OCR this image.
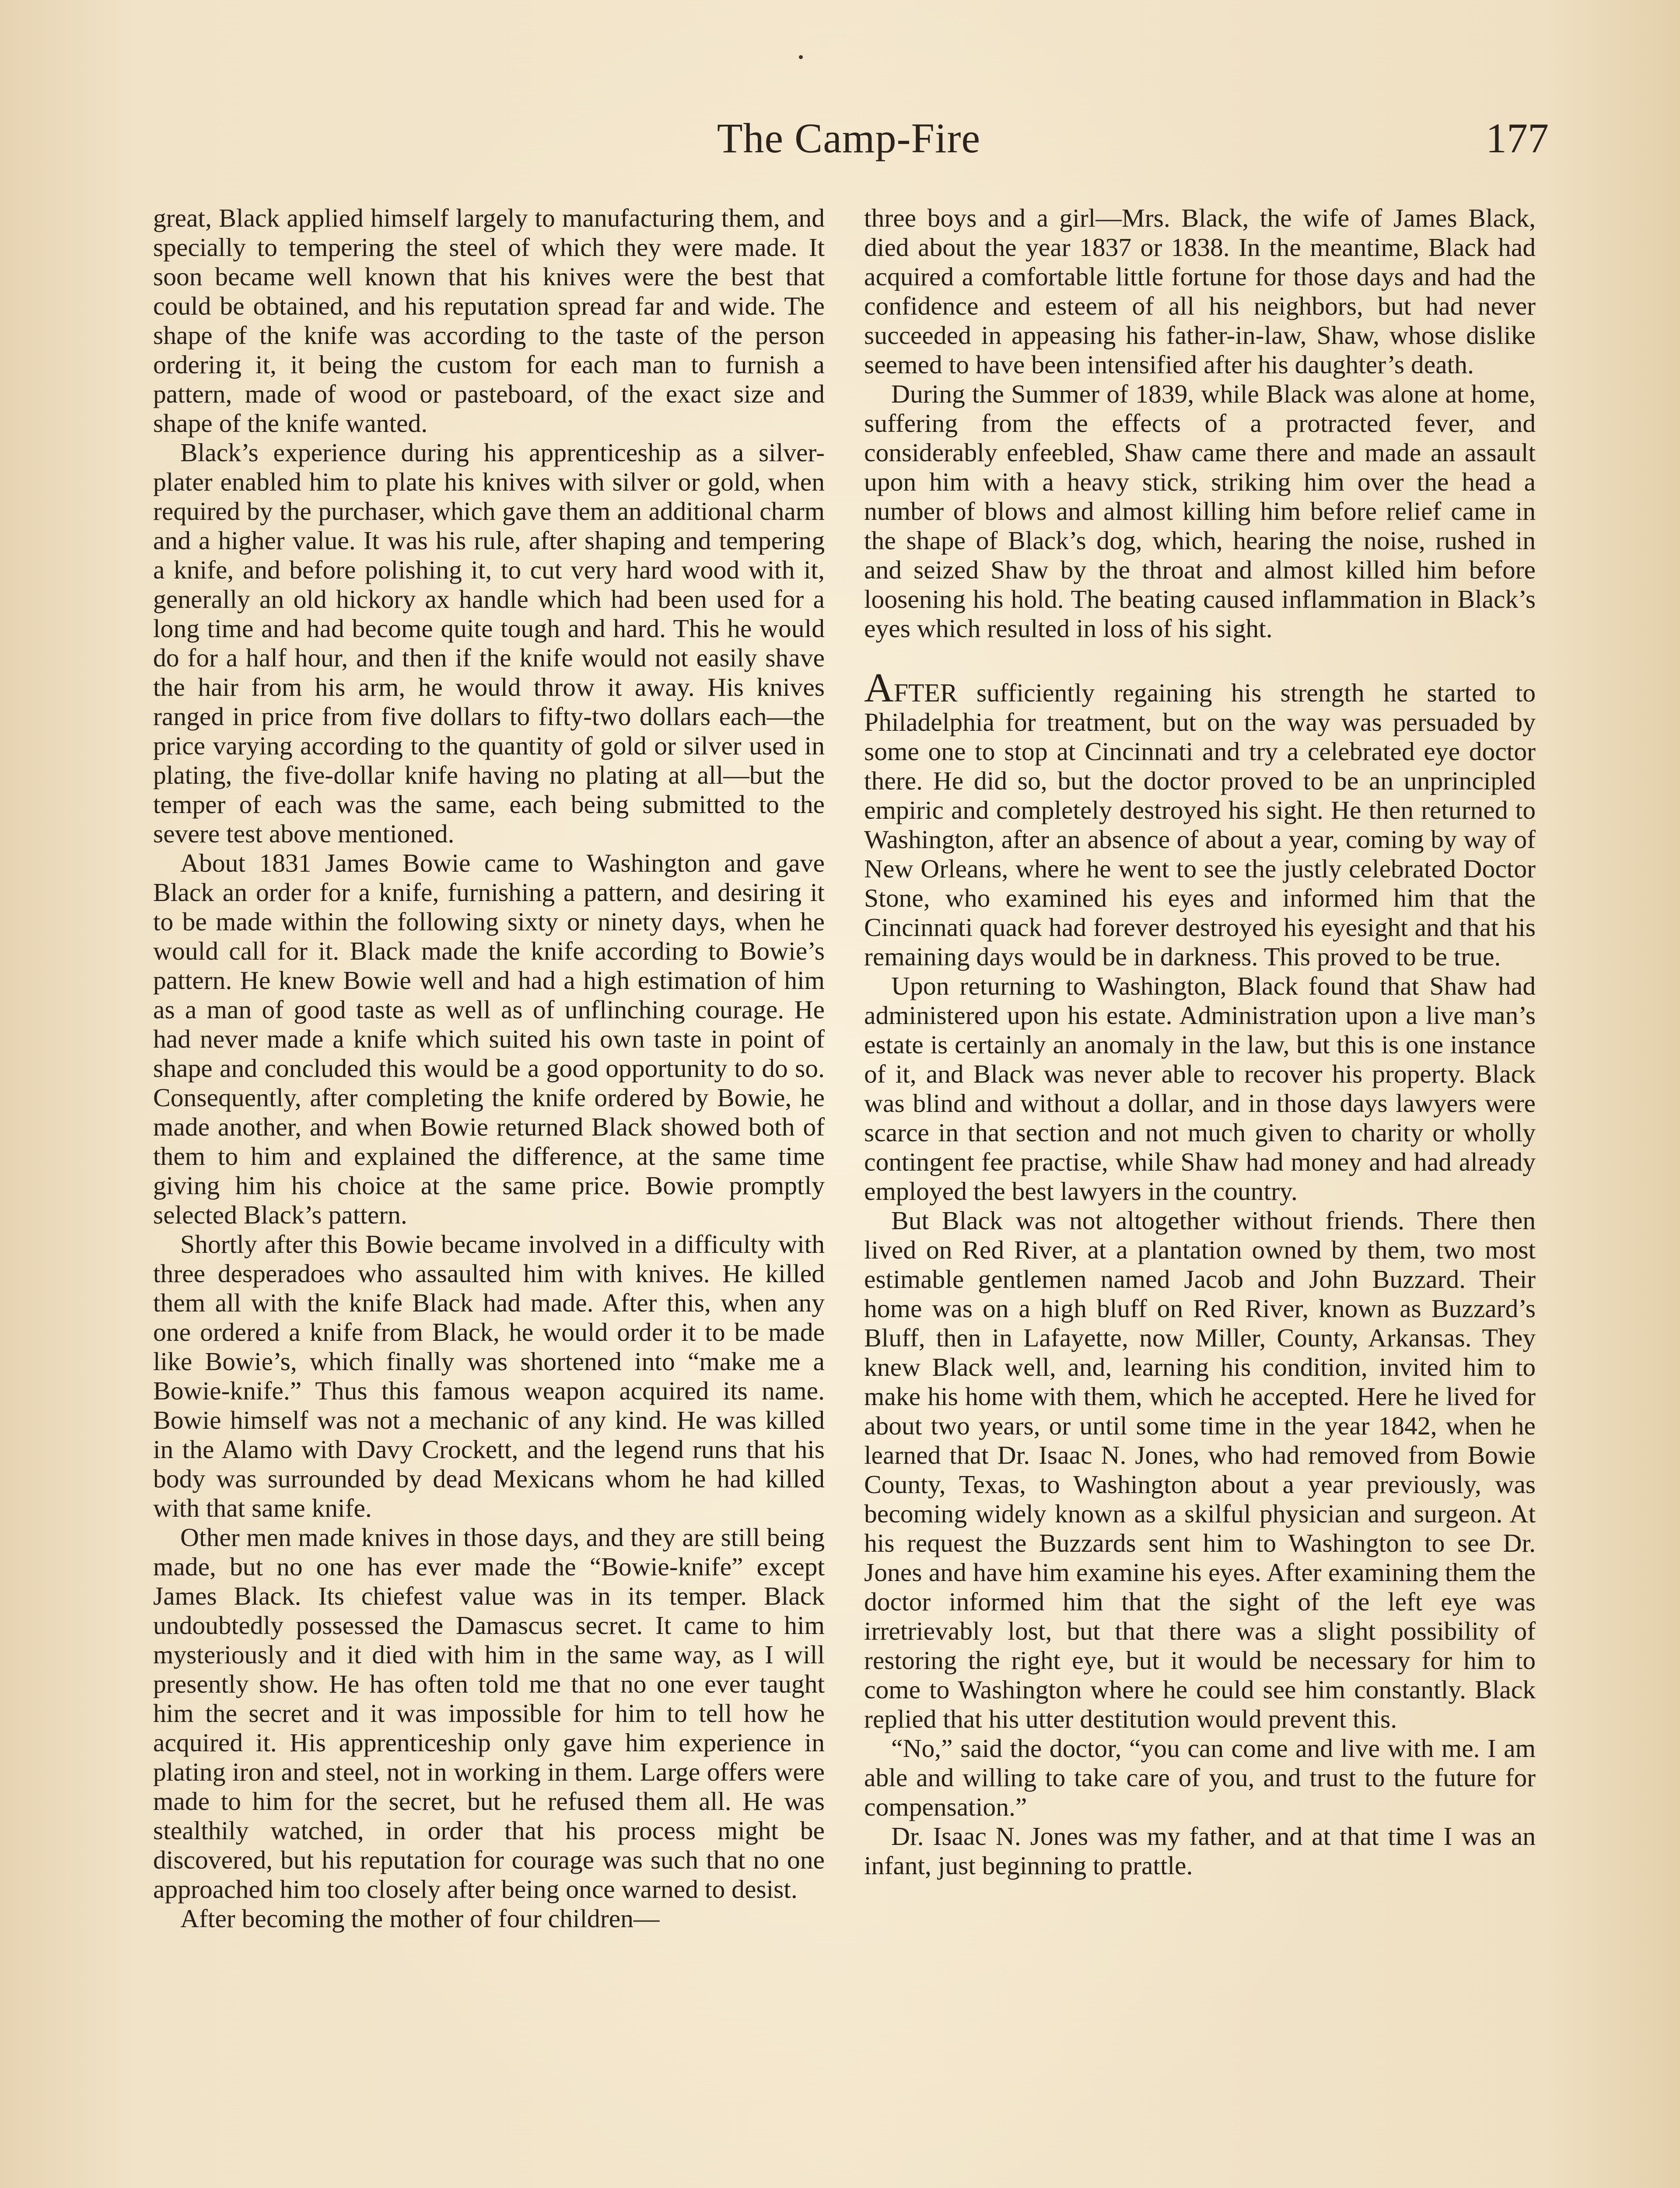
The Camp-Fire	177

great, Black applied himself largely to manufacturing them, and specially to tempering the steel of which they were made. It soon became well known that his knives were the best that could be obtained, and his reputation spread far and wide. The shape of the knife was according to the taste of the person ordering it, it being the custom for each man to furnish a pattern, made of wood or pasteboard, of the exact size and shape of the knife wanted.

Black’s experience during his apprenticeship as a silver-plater enabled him to plate his knives with silver or gold, when required by the purchaser, which gave them an additional charm and a higher value. It was his rule, after shaping and tempering a knife, and before polishing it, to cut very hard wood with it, generally an old hickory ax handle which had been used for a long time and had become quite tough and hard. This he would do for a half hour, and then if the knife would not easily shave the hair from his arm, he would throw it away. His knives ranged in price from five dollars to fifty-two dollars each—the price varying according to the quantity of gold or silver used in plating, the five-dollar knife having no plating at all—but the temper of each was the same, each being submitted to the severe test above mentioned.

About 1831 James Bowie came to Washington and gave Black an order for a knife, furnishing a pattern, and desiring it to be made within the following sixty or ninety days, when he would call for it. Black made the knife according to Bowie’s pattern. He knew Bowie well and had a high estimation of him as a man of good taste as well as of unflinching courage. He had never made a knife which suited his own taste in point of shape and concluded this would be a good opportunity to do so. Consequently, after completing the knife ordered by Bowie, he made another, and when Bowie returned Black showed both of them to him and explained the difference, at the same time giving him his choice at the same price. Bowie promptly selected Black’s pattern.

Shortly after this Bowie became involved in a difficulty with three desperadoes who assaulted him with knives. He killed them all with the knife Black had made. After this, when any one ordered a knife from Black, he would order it to be made like Bowie’s, which finally was shortened into “make me a Bowie-knife.” Thus this famous weapon acquired its name. Bowie himself was not a mechanic of any kind. He was killed in the Alamo with Davy Crockett, and the legend runs that his body was surrounded by dead Mexicans whom he had killed with that same knife.

Other men made knives in those days, and they are still being made, but no one has ever made the “Bowie-knife” except James Black. Its chiefest value was in its temper. Black undoubtedly possessed the Damascus secret. It came to him mysteriously and it died with him in the same way, as I will presently show. He has often told me that no one ever taught him the secret and it was impossible for him to tell how he acquired it. His apprenticeship only gave him experience in plating iron and steel, not in working in them. Large offers were made to him for the secret, but he refused them all. He was stealthily watched, in order that his process might be discovered, but his reputation for courage was such that no one approached him too closely after being once warned to desist.

After becoming the mother of four children—

three boys and a girl—Mrs. Black, the wife of James Black, died about the year 1837 or 1838. In the meantime, Black had acquired a comfortable little fortune for those days and had the confidence and esteem of all his neighbors, but had never succeeded in appeasing his father-in-law, Shaw, whose dislike seemed to have been intensified after his daughter’s death.

During the Summer of 1839, while Black was alone at home, suffering from the effects of a protracted fever, and considerably enfeebled, Shaw came there and made an assault upon him with a heavy stick, striking him over the head a number of blows and almost killing him before relief came in the shape of Black’s dog, which, hearing the noise, rushed in and seized Shaw by the throat and almost killed him before loosening his hold. The beating caused inflammation in Black’s eyes which resulted in loss of his sight.

AFTER sufficiently regaining his strength he started to Philadelphia for treatment, but on the way was persuaded by some one to stop at Cincinnati and try a celebrated eye doctor there. He did so, but the doctor proved to be an unprincipled empiric and completely destroyed his sight. He then returned to Washington, after an absence of about a year, coming by way of New Orleans, where he went to see the justly celebrated Doctor Stone, who examined his eyes and informed him that the Cincinnati quack had forever destroyed his eyesight and that his remaining days would be in darkness. This proved to be true.

Upon returning to Washington, Black found that Shaw had administered upon his estate. Administration upon a live man’s estate is certainly an anomaly in the law, but this is one instance of it, and Black was never able to recover his property. Black was blind and without a dollar, and in those days lawyers were scarce in that section and not much given to charity or wholly contingent fee practise, while Shaw had money and had already employed the best lawyers in the country.

But Black was not altogether without friends. There then lived on Red River, at a plantation owned by them, two most estimable gentlemen named Jacob and John Buzzard. Their home was on a high bluff on Red River, known as Buzzard’s Bluff, then in Lafayette, now Miller, County, Arkansas. They knew Black well, and, learning his condition, invited him to make his home with them, which he accepted. Here he lived for about two years, or until some time in the year 1842, when he learned that Dr. Isaac N. Jones, who had removed from Bowie County, Texas, to Washington about a year previously, was becoming widely known as a skilful physician and surgeon. At his request the Buzzards sent him to Washington to see Dr. Jones and have him examine his eyes. After examining them the doctor informed him that the sight of the left eye was irretrievably lost, but that there was a slight possibility of restoring the right eye, but it would be necessary for him to come to Washington where he could see him constantly. Black replied that his utter destitution would prevent this.

“No,” said the doctor, “you can come and live with me. I am able and willing to take care of you, and trust to the future for compensation.”

Dr. Isaac N. Jones was my father, and at that time I was an infant, just beginning to prattle.
